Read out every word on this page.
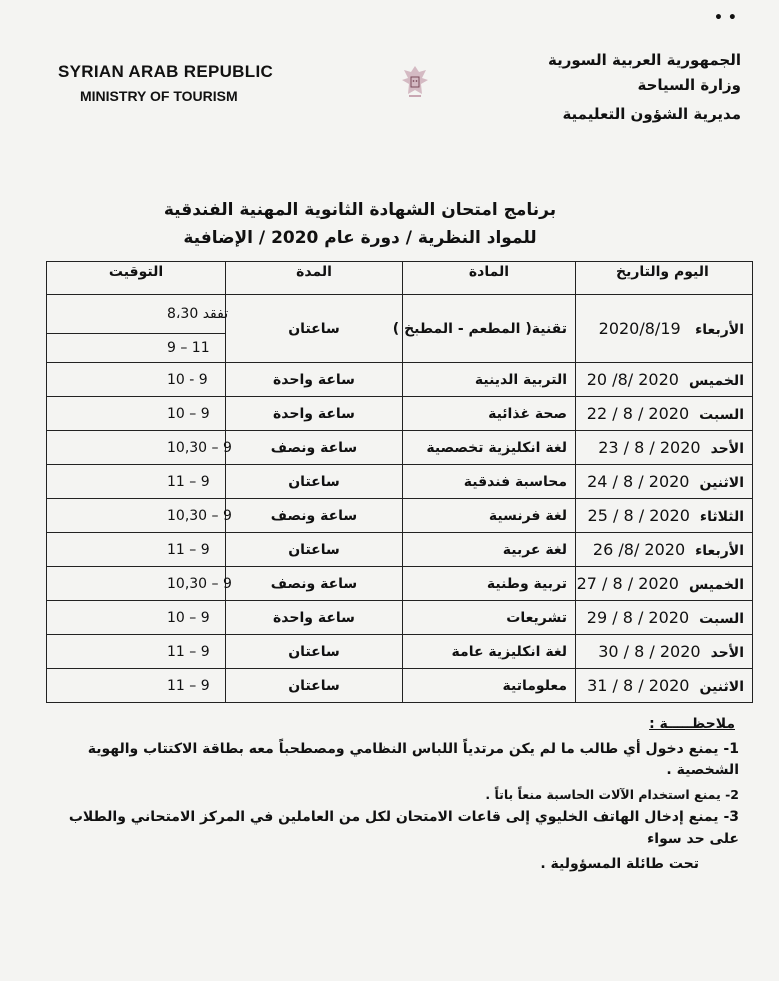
• •
SYRIAN ARAB REPUBLIC
MINISTRY OF TOURISM
الجمهورية العربية السورية
وزارة السياحة
مديرية الشؤون التعليمية
برنامج امتحان الشهادة الثانوية المهنية الفندقية
للمواد النظرية / دورة عام 2020 / الإضافية
اليوم والتاريخ	المادة	المدة	التوقيت
الأربعاء 2020/8/19	تقنية( المطعم - المطبخ )	ساعتان	8،30 تفقد
			9 – 11
الخميس20 /8/ 2020	التربية الدينية	ساعة واحدة	10 - 9
السبت22 / 8 / 2020	صحة غذائية	ساعة واحدة	10 – 9
الأحد23 / 8 / 2020	لغة انكليزية تخصصية	ساعة ونصف	10,30 – 9
الاثنين24 / 8 / 2020	محاسبة فندقية	ساعتان	11 – 9
الثلاثاء25 / 8 / 2020	لغة فرنسية	ساعة ونصف	10,30 – 9
الأربعاء26 /8/ 2020	لغة عربية	ساعتان	11 – 9
الخميس27 / 8 / 2020	تربية وطنية	ساعة ونصف	10,30 – 9
السبت29 / 8 / 2020	تشريعات	ساعة واحدة	10 – 9
الأحد30 / 8 / 2020	لغة انكليزية عامة	ساعتان	11 – 9
الاثنين31 / 8 / 2020	معلوماتية	ساعتان	11 – 9
ملاحظـــــة :
1- يمنع دخول أي طالب ما لم يكن مرتدياً اللباس النظامي ومصطحباً معه بطاقة الاكتتاب والهوية الشخصية .
2- يمنع استخدام الآلات الحاسبة منعاً باتاً .
3- يمنع إدخال الهاتف الخليوي إلى قاعات الامتحان لكل من العاملين في المركز الامتحاني والطلاب على حد سواء
تحت طائلة المسؤولية .
